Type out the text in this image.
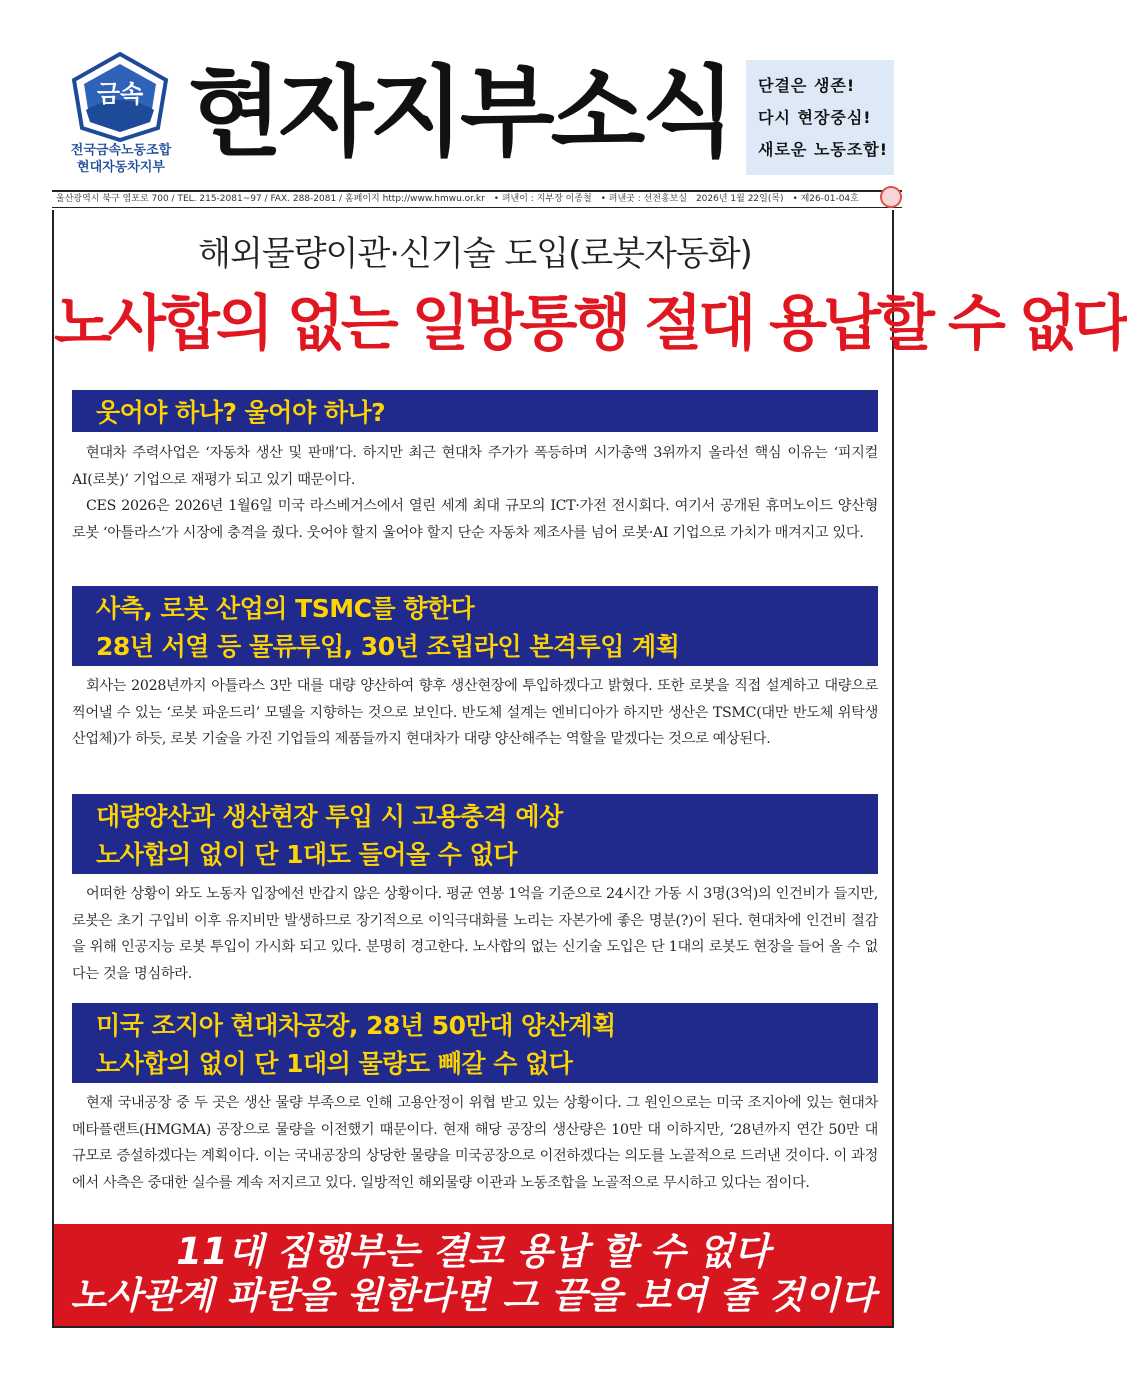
금속
전국금속노동조합
현대자동차지부 현자지부소식	단결은 생존!
다시 현장중심!
새로운 노동조합!
울산광역시 북구 염포로 700 / TEL. 215-2081~97 / FAX. 288-2081 / 홈페이지 http://www.hmwu.or.kr • 펴낸이 : 지부장 이종철 • 펴낸곳 : 선전홍보실 2026년 1월 22일(목) • 제26-01-04호
해외물량이관·신기술 도입(로봇자동화)
노사합의 없는 일방통행 절대 용납할 수 없다
웃어야 하나? 울어야 하나?

현대차 주력사업은 ‘자동차 생산 및 판매’다. 하지만 최근 현대차 주가가 폭등하며 시가총액 3위까지 올라선 핵심 이유는 ‘피지컬 AI(로봇)’ 기업으로 재평가 되고 있기 때문이다.

CES 2026은 2026년 1월6일 미국 라스베거스에서 열린 세계 최대 규모의 ICT·가전 전시회다. 여기서 공개된 휴머노이드 양산형 로봇 ‘아틀라스’가 시장에 충격을 줬다. 웃어야 할지 울어야 할지 단순 자동차 제조사를 넘어 로봇·AI 기업으로 가치가 매겨지고 있다.

사측, 로봇 산업의 TSMC를 향한다
28년 서열 등 물류투입, 30년 조립라인 본격투입 계획

회사는 2028년까지 아틀라스 3만 대를 대량 양산하여 향후 생산현장에 투입하겠다고 밝혔다. 또한 로봇을 직접 설계하고 대량으로 찍어낼 수 있는 ‘로봇 파운드리’ 모델을 지향하는 것으로 보인다. 반도체 설계는 엔비디아가 하지만 생산은 TSMC(대만 반도체 위탁생산업체)가 하듯, 로봇 기술을 가진 기업들의 제품들까지 현대차가 대량 양산해주는 역할을 맡겠다는 것으로 예상된다.

대량양산과 생산현장 투입 시 고용충격 예상
노사합의 없이 단 1대도 들어올 수 없다

어떠한 상황이 와도 노동자 입장에선 반갑지 않은 상황이다. 평균 연봉 1억을 기준으로 24시간 가동 시 3명(3억)의 인건비가 들지만, 로봇은 초기 구입비 이후 유지비만 발생하므로 장기적으로 이익극대화를 노리는 자본가에 좋은 명분(?)이 된다. 현대차에 인건비 절감을 위해 인공지능 로봇 투입이 가시화 되고 있다. 분명히 경고한다. 노사합의 없는 신기술 도입은 단 1대의 로봇도 현장을 들어 올 수 없다는 것을 명심하라.

미국 조지아 현대차공장, 28년 50만대 양산계획
노사합의 없이 단 1대의 물량도 빼갈 수 없다

현재 국내공장 중 두 곳은 생산 물량 부족으로 인해 고용안정이 위협 받고 있는 상황이다. 그 원인으로는 미국 조지아에 있는 현대차 메타플랜트(HMGMA) 공장으로 물량을 이전했기 때문이다. 현재 해당 공장의 생산량은 10만 대 이하지만, ‘28년까지 연간 50만 대 규모로 증설하겠다는 계획이다. 이는 국내공장의 상당한 물량을 미국공장으로 이전하겠다는 의도를 노골적으로 드러낸 것이다. 이 과정에서 사측은 중대한 실수를 계속 저지르고 있다. 일방적인 해외물량 이관과 노동조합을 노골적으로 무시하고 있다는 점이다.

11대 집행부는 결코 용납 할 수 없다
노사관계 파탄을 원한다면 그 끝을 보여 줄 것이다
